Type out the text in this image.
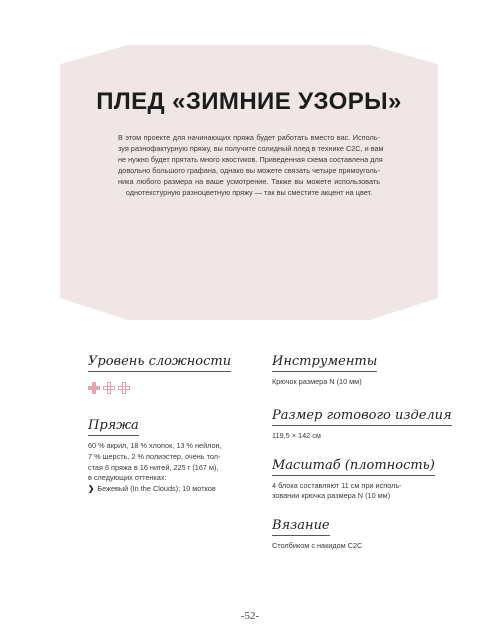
ПЛЕД «ЗИМНИЕ УЗОРЫ»
В этом проекте для начинающих пряжа будет работать вместо вас. Исполь-
зуя разнофактурную пряжу, вы получите солидный плед в технике C2C, и вам
не нужно будет прятать много хвостиков. Приведенная схема составлена для
довольно большого графана, однако вы можете связать четыре прямоуголь-
ника любого размера на ваше усмотрение. Также вы можете использовать
однотекстурную разноцветную пряжу — так вы сместите акцент на цвет.
Уровень сложности
Пряжа
60 % акрил, 18 % хлопок, 13 % нейлон,
7 % шерсть, 2 % полиэстер, очень тол-
стая 6 пряжа в 16 нитей, 225 г (167 м),
в следующих оттенках:
❯ Бежевый (In the Clouds); 10 мотков
Инструменты
Крючок размера N (10 мм)
Размер готового изделия
119,5 × 142 см
Масштаб (плотность)
4 блока составляют 11 см при исполь-
зовании крючка размера N (10 мм)
Вязание
Столбиком с накидом C2C
-52-
